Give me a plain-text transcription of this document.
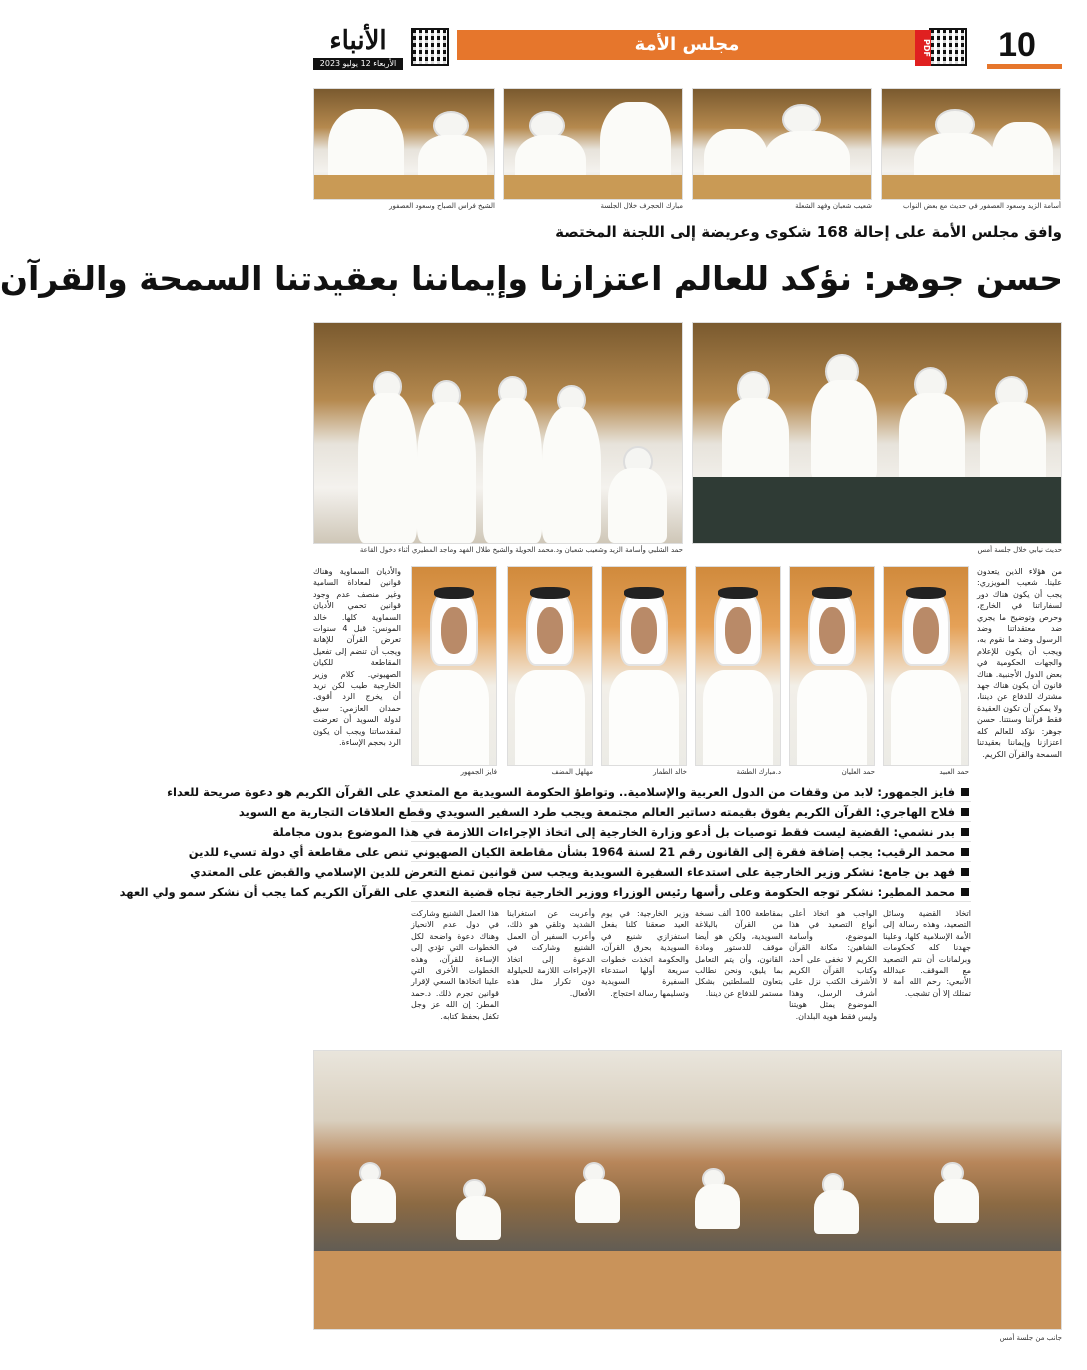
مجلس الأمة	10
الأنباء
الأربعاء 12 يوليو 2023
PDF
أسامة الزيد وسعود العصفور في حديث مع بعض النواب
شعيب شعبان وفهد الشعلة
مبارك الحجرف خلال الجلسة
الشيخ فراس الصباح وسعود العصفور
وافق مجلس الأمة على إحالة 168 شكوى وعريضة إلى اللجنة المختصة
حسن جوهر: نؤكد للعالم اعتزازنا وإيماننا بعقيدتنا السمحة والقرآن
حديث نيابي خلال جلسة أمس
حمد الشلبي وأسامة الزيد وشعيب شعبان ود.محمد الحويلة والشيخ طلال الفهد وماجد المطيري أثناء دخول القاعة
من هؤلاء الذين يتعدون علينا. شعيب المويزري: يجب أن يكون هناك دور لسفاراتنا في الخارج، وحرص وتوضيح ما يجري ضد معتقداتنا وضد الرسول وضد ما نقوم به، ويجب أن يكون للإعلام والجهات الحكومية في بعض الدول الأجنبية. هناك قانون أن يكون هناك جهد مشترك للدفاع عن ديننا، ولا يمكن أن تكون العقيدة فقط قرآننا وسنتنا. حسن جوهر: نؤكد للعالم كله اعتزازنا وإيماننا بعقيدتنا السمحة والقرآن الكريم.
والأديان السماوية وهناك قوانين لمعاداة السامية وغير منصف عدم وجود قوانين تحمي الأديان السماوية كلها. خالد المونس: قبل 4 سنوات تعرض القرآن للإهانة ويجب أن تنضم إلى تفعيل المقاطعة للكيان الصهيوني. كلام وزير الخارجية طيب لكن نريد أن يخرج الرد أقوى. حمدان العازمي: سبق لدولة السويد أن تعرضت لمقدساتنا ويجب أن يكون الرد بحجم الإساءة.
حمد العبيد
حمد العليان
د.مبارك الطشة
خالد الطمار
مهلهل المضف
فايز الجمهور
فايز الجمهور: لابد من وقفات من الدول العربية والإسلامية.. وتواطؤ الحكومة السويدية مع المتعدي على القرآن الكريم هو دعوة صريحة للعداء
فلاح الهاجري: القرآن الكريم يفوق بقيمته دساتير العالم مجتمعة ويجب طرد السفير السويدي وقطع العلاقات التجارية مع السويد
بدر نشمي: القضية ليست فقط توصيات بل أدعو وزارة الخارجية إلى اتخاذ الإجراءات اللازمة في هذا الموضوع بدون مجاملة
محمد الرقيب: يجب إضافة فقرة إلى القانون رقم 21 لسنة 1964 بشأن مقاطعة الكيان الصهيوني تنص على مقاطعة أي دولة تسيء للدين
فهد بن جامع: نشكر وزير الخارجية على استدعاء السفيرة السويدية ويجب سن قوانين تمنع التعرض للدين الإسلامي والقبض على المعتدي
محمد المطير: نشكر توجه الحكومة وعلى رأسها رئيس الوزراء ووزير الخارجية تجاه قضية التعدي على القرآن الكريم كما يجب أن نشكر سمو ولي العهد
اتخاذ القضية وسائل التصعيد، وهذه رسالة إلى الأمة الإسلامية كلها، وعلينا جهدنا كله كحكومات وبرلمانات أن نتم التصعيد مع الموقف. عبدالله الأنبعي: رحم الله أمة لا تمتلك إلا أن تشجب.
الواجب هو اتخاذ أعلى أنواع التصعيد في هذا الموضوع، وأسامة الشاهين: مكانة القرآن الكريم لا تخفى على أحد، وكتاب القرآن الكريم الأشرف الكتب نزل على أشرف الرسل، وهذا الموضوع يمثل هويتنا وليس فقط هوية البلدان.
بمقاطعة 100 ألف نسخة من القرآن بالبلاغة السويدية، ولكن هو أيضا موقف للدستور ومادة القانون، وأن يتم التعامل بما يليق، ونحن نطالب بتعاون للسلطتين بشكل مستمر للدفاع عن ديننا.
وزير الخارجية: في يوم العيد صعقنا كلنا بفعل استفزازي شنيع في السويدية بحرق القرآن، والحكومة اتخذت خطوات سريعة أولها استدعاء السفيرة السويدية وتسليمها رسالة احتجاج.
وأعربت عن استغرابنا الشديد وتلقي هو ذلك، وأعرب السفير أن العمل الشنيع وشاركت في الدعوة إلى اتخاذ الإجراءات اللازمة للحيلولة دون تكرار مثل هذه الأفعال.
هذا العمل الشنيع وشاركت في دول عدم الانحياز وهناك دعوة واضحة لكل الخطوات التي تؤدي إلى الإساءة للقرآن، وهذه الخطوات الأخرى التي علينا اتخاذها السعي لإقرار قوانين تجرم ذلك. د.حمد المطر: إن الله عز وجل تكفل بحفظ كتابه.
جانب من جلسة أمس
